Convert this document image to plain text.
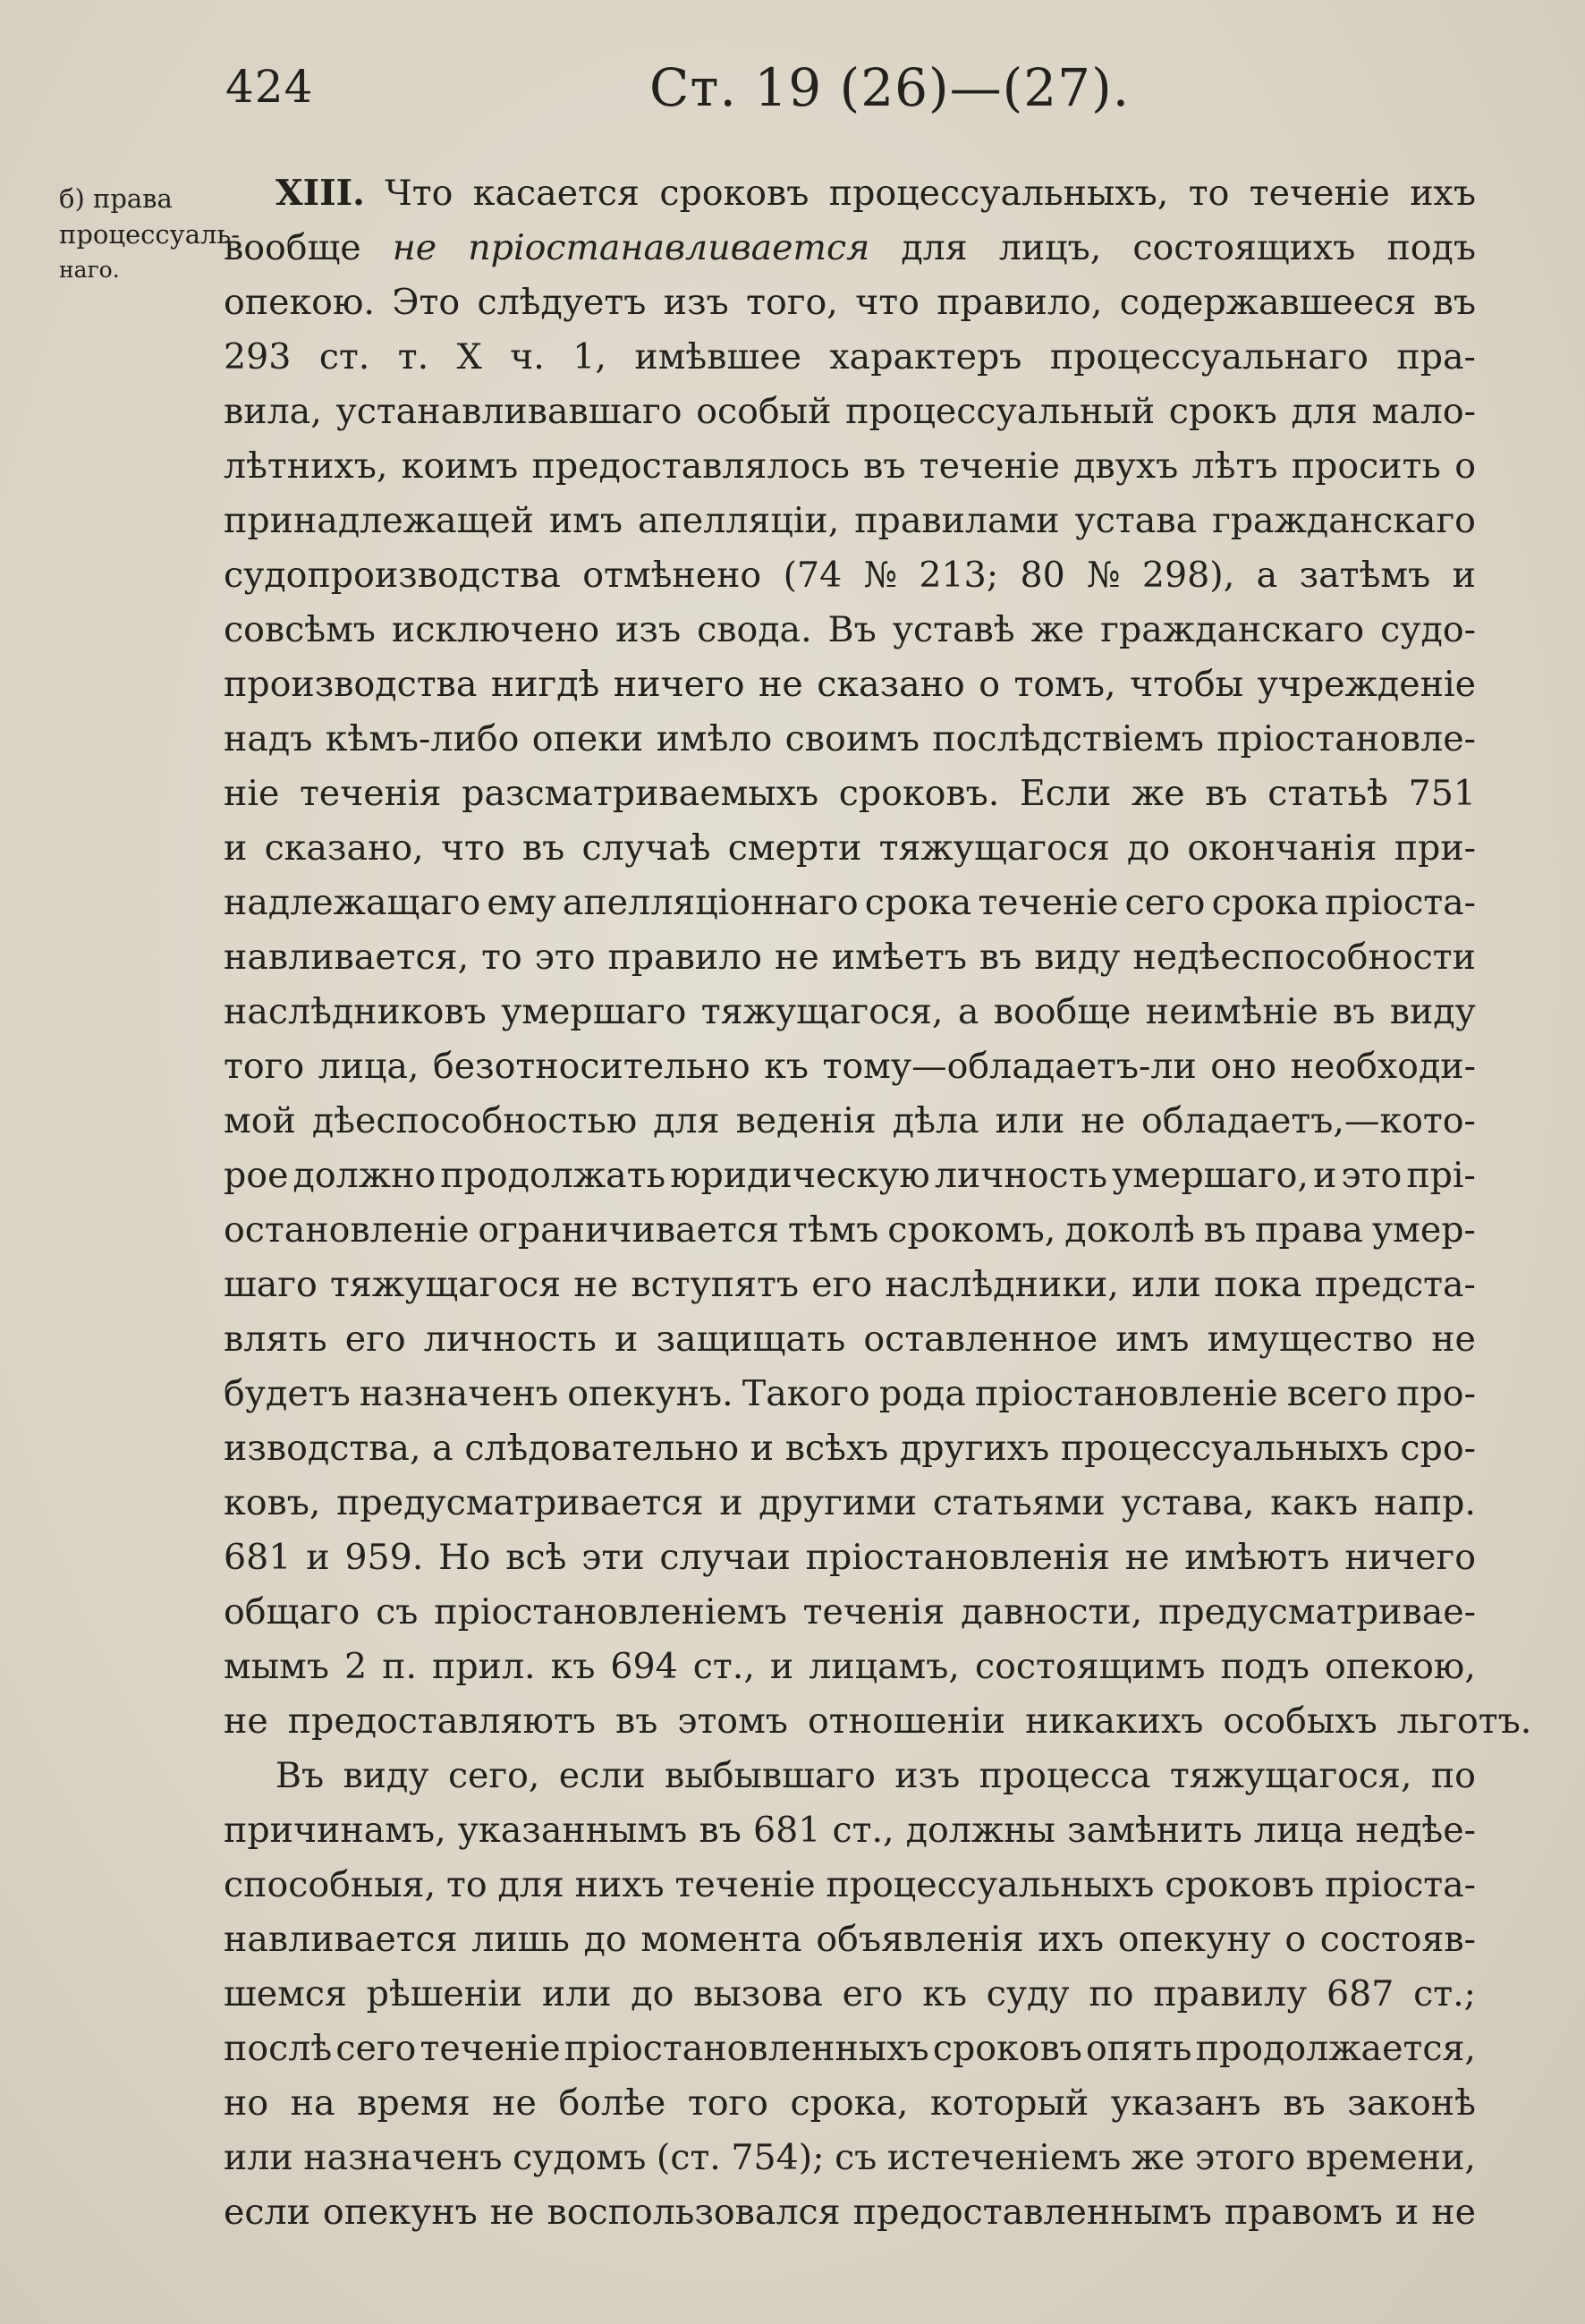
424	Ст. 19 (26)—(27).
б) права
процессуаль-
наго.
XIII. Что касается сроковъ процессуальныхъ, то теченіе ихъ
вообще не пріостанавливается для лицъ, состоящихъ подъ
опекою. Это слѣдуетъ изъ того, что правило, содержавшееся въ
293 ст. т. X ч. 1, имѣвшее характеръ процессуальнаго пра-
вила, устанавливавшаго особый процессуальный срокъ для мало-
лѣтнихъ, коимъ предоставлялось въ теченіе двухъ лѣтъ просить о
принадлежащей имъ апелляціи, правилами устава гражданскаго
судопроизводства отмѣнено (74 № 213; 80 № 298), а затѣмъ и
совсѣмъ исключено изъ свода. Въ уставѣ же гражданскаго судо-
производства нигдѣ ничего не сказано о томъ, чтобы учрежденіе
надъ кѣмъ-либо опеки имѣло своимъ послѣдствіемъ пріостановле-
ніе теченія разсматриваемыхъ сроковъ. Если же въ статьѣ 751
и сказано, что въ случаѣ смерти тяжущагося до окончанія при-
надлежащаго ему апелляціоннаго срока теченіе сего срока пріоста-
навливается, то это правило не имѣетъ въ виду недѣеспособности
наслѣдниковъ умершаго тяжущагося, а вообще неимѣніе въ виду
того лица, безотносительно къ тому—обладаетъ-ли оно необходи-
мой дѣеспособностью для веденія дѣла или не обладаетъ,—кото-
рое должно продолжать юридическую личность умершаго, и это прі-
остановленіе ограничивается тѣмъ срокомъ, доколѣ въ права умер-
шаго тяжущагося не вступятъ его наслѣдники, или пока предста-
влять его личность и защищать оставленное имъ имущество не
будетъ назначенъ опекунъ. Такого рода пріостановленіе всего про-
изводства, а слѣдовательно и всѣхъ другихъ процессуальныхъ сро-
ковъ, предусматривается и другими статьями устава, какъ напр.
681 и 959. Но всѣ эти случаи пріостановленія не имѣютъ ничего
общаго съ пріостановленіемъ теченія давности, предусматривае-
мымъ 2 п. прил. къ 694 ст., и лицамъ, состоящимъ подъ опекою,
не предоставляютъ въ этомъ отношеніи никакихъ особыхъ льготъ.
Въ виду сего, если выбывшаго изъ процесса тяжущагося, по
причинамъ, указаннымъ въ 681 ст., должны замѣнить лица недѣе-
способныя, то для нихъ теченіе процессуальныхъ сроковъ пріоста-
навливается лишь до момента объявленія ихъ опекуну о состояв-
шемся рѣшеніи или до вызова его къ суду по правилу 687 ст.;
послѣ сего теченіе пріостановленныхъ сроковъ опять продолжается,
но на время не болѣе того срока, который указанъ въ законѣ
или назначенъ судомъ (ст. 754); съ истеченіемъ же этого времени,
если опекунъ не воспользовался предоставленнымъ правомъ и не
